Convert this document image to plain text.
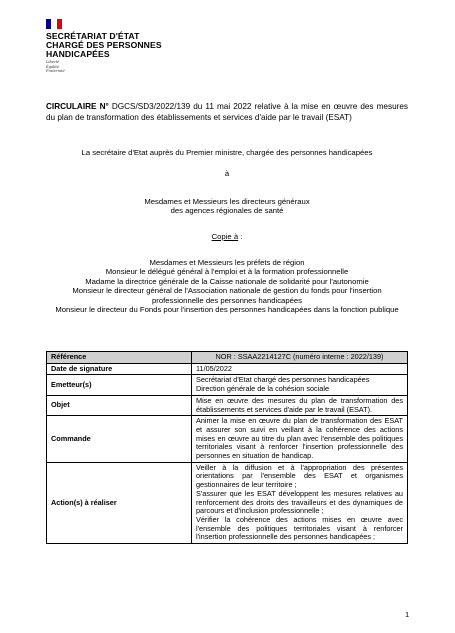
SECRÉTARIAT D'ÉTAT
CHARGÉ DES PERSONNES
HANDICAPÉES
Liberté
Égalité
Fraternité
CIRCULAIRE N° DGCS/SD3/2022/139 du 11 mai 2022 relative à la mise en œuvre des mesures du plan de transformation des établissements et services d'aide par le travail (ESAT)
La secrétaire d'Etat auprès du Premier ministre, chargée des personnes handicapées
à
Mesdames et Messieurs les directeurs généraux
des agences régionales de santé
Copie à :
Mesdames et Messieurs les préfets de région
Monsieur le délégué général à l'emploi et à la formation professionnelle
Madame la directrice générale de la Caisse nationale de solidarité pour l'autonomie
Monsieur le directeur général de l'Association nationale de gestion du fonds pour l'insertion professionnelle des personnes handicapées
Monsieur le directeur du Fonds pour l'insertion des personnes handicapées dans la fonction publique
Référence	NOR : SSAA2214127C (numéro interne : 2022/139)
Date de signature	11/05/2022
Emetteur(s)	Secrétariat d'Etat chargé des personnes handicapées
Direction générale de la cohésion sociale

Objet	Mise en œuvre des mesures du plan de transformation des établissements et services d'aide par le travail (ESAT).
Commande	Animer la mise en œuvre du plan de transformation des ESAT et assurer son suivi en veillant à la cohérence des actions mises en œuvre au titre du plan avec l'ensemble des politiques territoriales visant à renforcer l'insertion professionnelle des personnes en situation de handicap.
Action(s) à réaliser	Veiller à la diffusion et à l'appropriation des présentes orientations par l'ensemble des ESAT et organismes gestionnaires de leur territoire ;
S'assurer que les ESAT développent les mesures relatives au renforcement des droits des travailleurs et des dynamiques de parcours et d'inclusion professionnelle ;
Vérifier la cohérence des actions mises en œuvre avec l'ensemble des politiques territoriales visant à renforcer l'insertion professionnelle des personnes handicapées ;
1
